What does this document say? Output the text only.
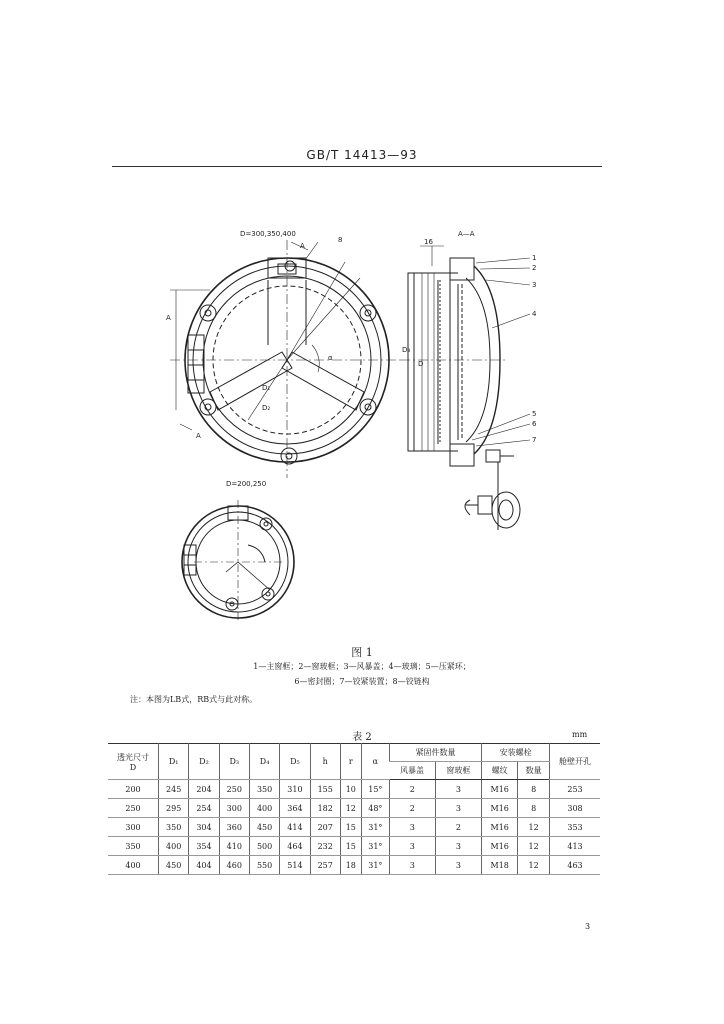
GB/T 14413—93
D=300,350,400
D=200,250
A—A
A
A
A
D₁
D₂
D₃
D
16
α
1
2
3
4
5
6
7
8
图 1
1—主窗框；2—窗玻框；3—风暴盖；4—玻璃；5—压紧环；
6—密封圈；7—铰紧装置；8—铰链构
注：本图为LB式，RB式与此对称。
表 2	mm
透光尺寸
D	D₁	D₂	D₃	D₄	D₅	h	r	α	紧固件数量		安装螺栓		舱壁开孔
									风暴盖	窗玻框	螺纹	数量	
200	245	204	250	350	310	155	10	15°	2	3	M16	8	253
250	295	254	300	400	364	182	12	48°	2	3	M16	8	308
300	350	304	360	450	414	207	15	31°	3	2	M16	12	353
350	400	354	410	500	464	232	15	31°	3	3	M16	12	413
400	450	404	460	550	514	257	18	31°	3	3	M18	12	463
3
